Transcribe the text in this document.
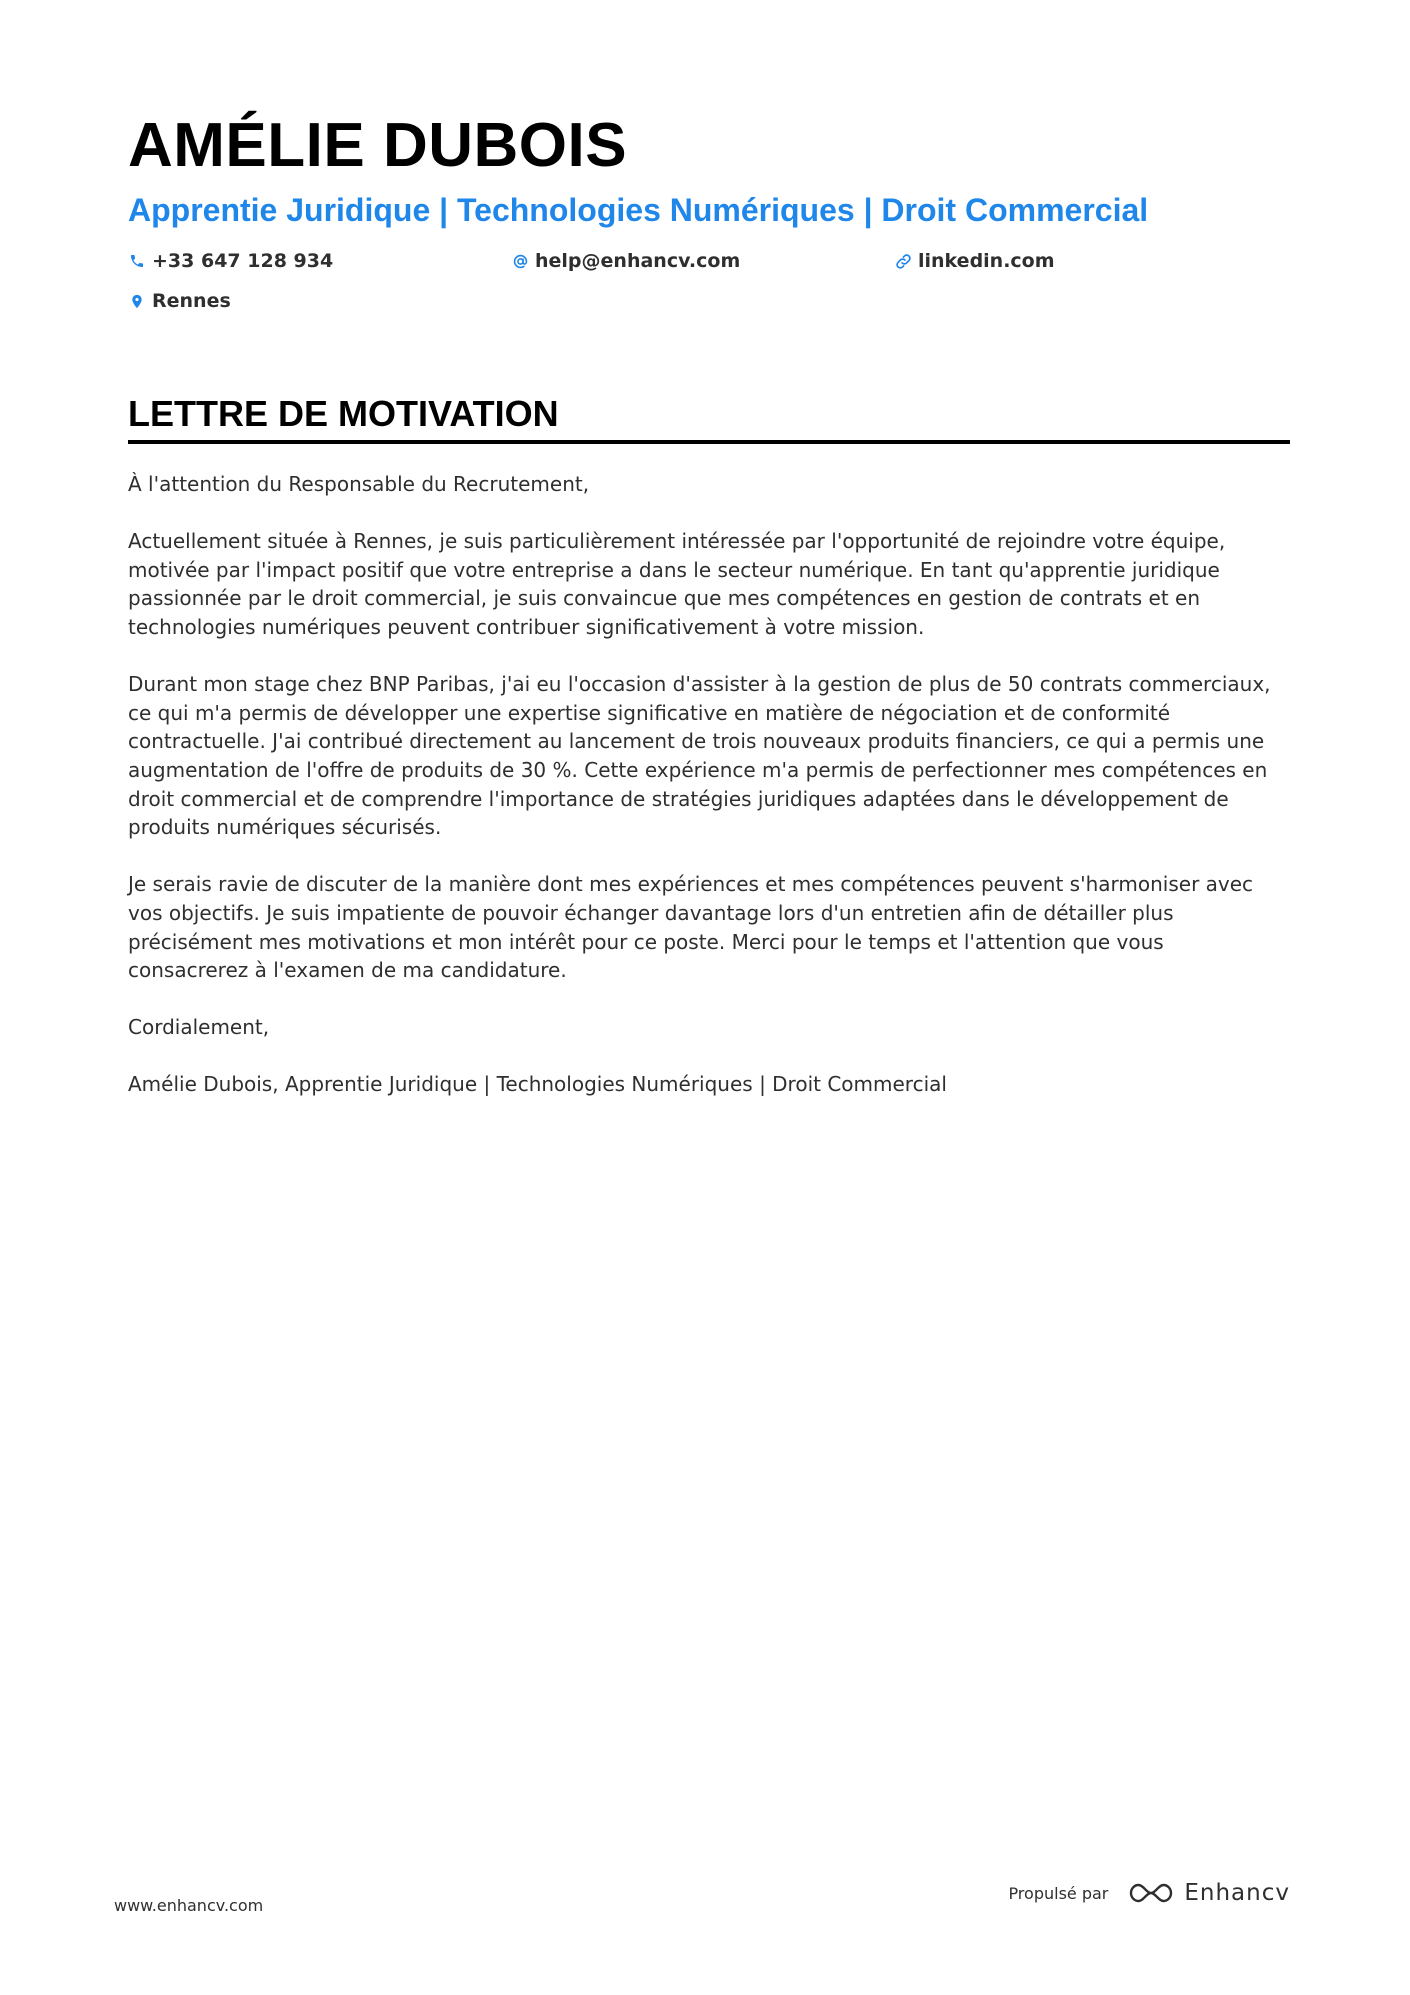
AMÉLIE DUBOIS
Apprentie Juridique | Technologies Numériques | Droit Commercial
+33 647 128 934	help@enhancv.com	linkedin.com
Rennes
LETTRE DE MOTIVATION

À l'attention du Responsable du Recrutement,

Actuellement située à Rennes, je suis particulièrement intéressée par l'opportunité de rejoindre votre équipe, motivée par l'impact positif que votre entreprise a dans le secteur numérique. En tant qu'apprentie juridique passionnée par le droit commercial, je suis convaincue que mes compétences en gestion de contrats et en technologies numériques peuvent contribuer significativement à votre mission.

Durant mon stage chez BNP Paribas, j'ai eu l'occasion d'assister à la gestion de plus de 50 contrats commerciaux, ce qui m'a permis de développer une expertise significative en matière de négociation et de conformité contractuelle. J'ai contribué directement au lancement de trois nouveaux produits financiers, ce qui a permis une augmentation de l'offre de produits de 30 %. Cette expérience m'a permis de perfectionner mes compétences en droit commercial et de comprendre l'importance de stratégies juridiques adaptées dans le développement de produits numériques sécurisés.

Je serais ravie de discuter de la manière dont mes expériences et mes compétences peuvent s'harmoniser avec vos objectifs. Je suis impatiente de pouvoir échanger davantage lors d'un entretien afin de détailler plus précisément mes motivations et mon intérêt pour ce poste. Merci pour le temps et l'attention que vous consacrerez à l'examen de ma candidature.

Cordialement,

Amélie Dubois, Apprentie Juridique | Technologies Numériques | Droit Commercial

www.enhancv.com
Propulsé par	Enhancv
